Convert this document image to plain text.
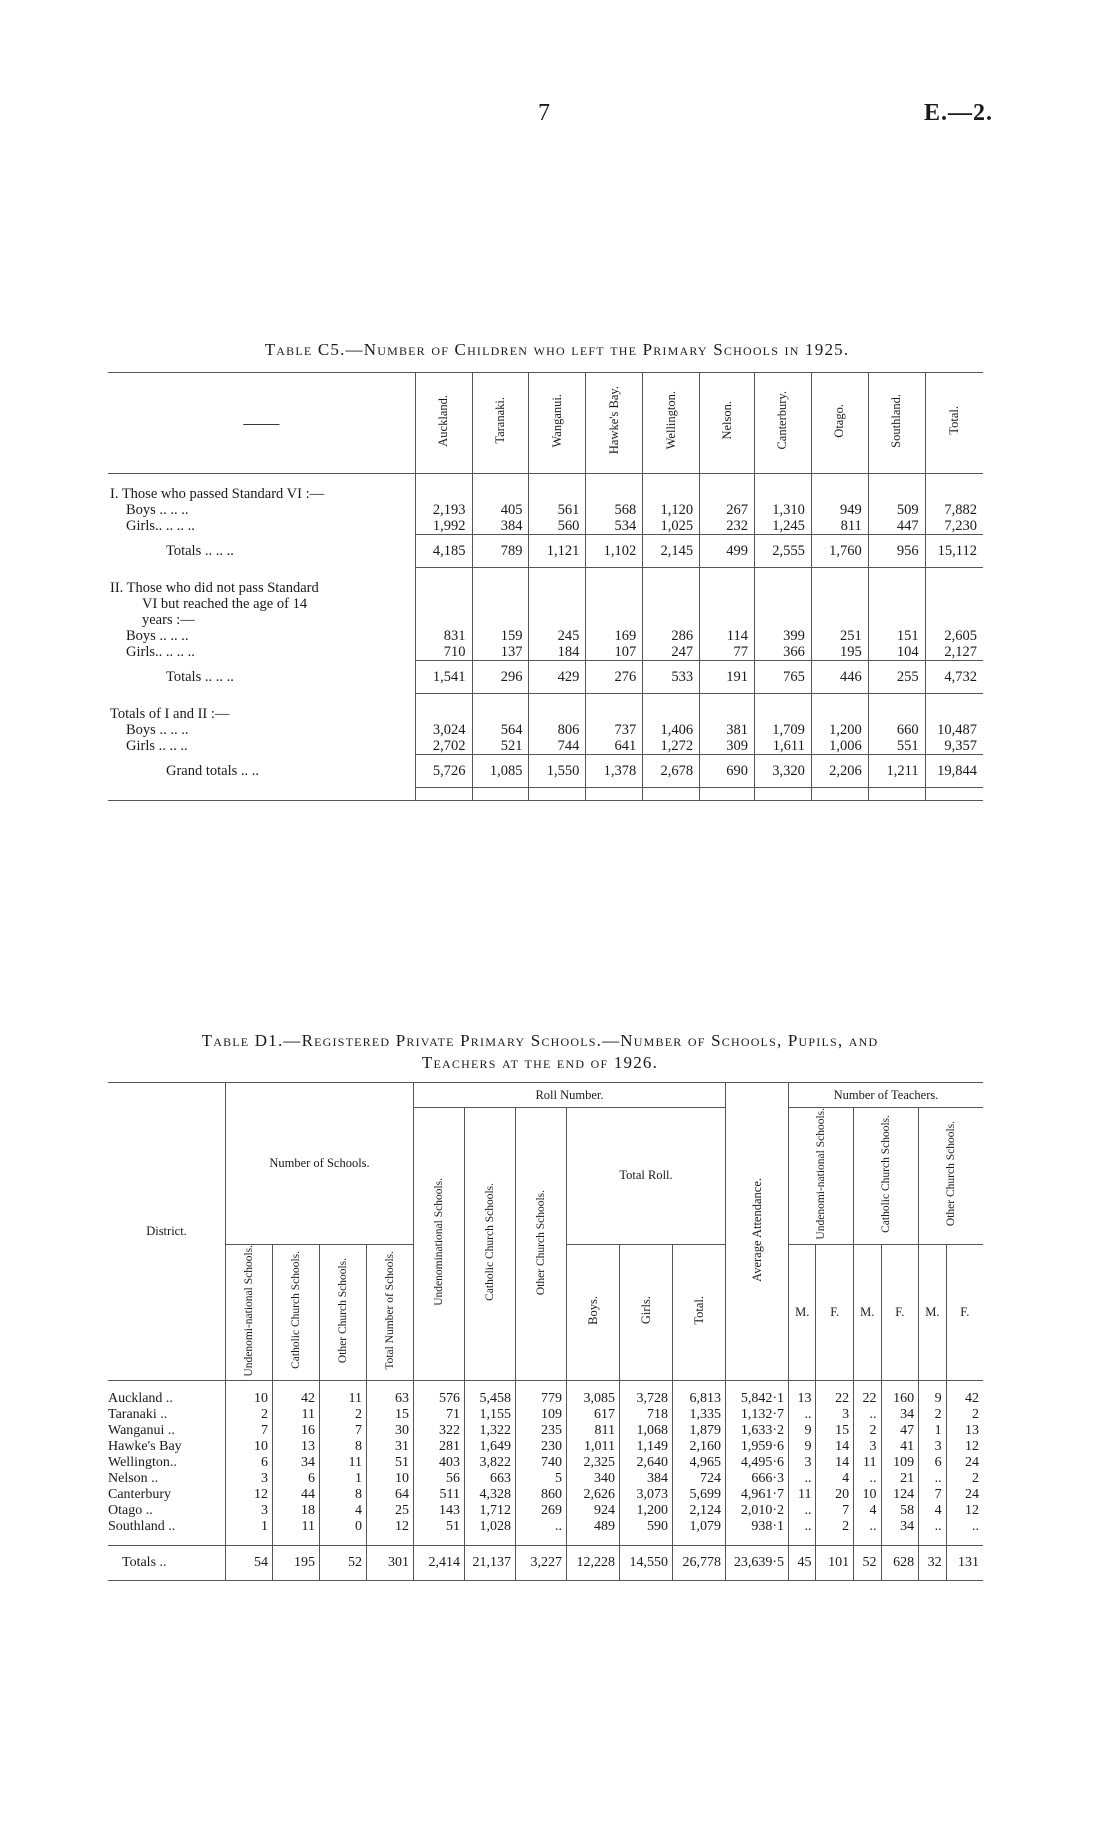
7	E.—2.
Table C5.—Number of Children who left the Primary Schools in 1925.
——	Auckland.	Taranaki.	Wanganui.	Hawke's Bay.	Wellington.	Nelson.	Canterbury.	Otago.	Southland.	Total.

I. Those who passed Standard VI :—										
Boys .. .. ..	2,193	405	561	568	1,120	267	1,310	949	509	7,882
Girls.. .. .. ..	1,992	384	560	534	1,025	232	1,245	811	447	7,230
Totals .. .. ..	4,185	789	1,121	1,102	2,145	499	2,555	1,760	956	15,112

II. Those who did not pass Standard										
VI but reached the age of 14										
years :—										
Boys .. .. ..	831	159	245	169	286	114	399	251	151	2,605
Girls.. .. .. ..	710	137	184	107	247	77	366	195	104	2,127
Totals .. .. ..	1,541	296	429	276	533	191	765	446	255	4,732

Totals of I and II :—										
Boys .. .. ..	3,024	564	806	737	1,406	381	1,709	1,200	660	10,487
Girls .. .. ..	2,702	521	744	641	1,272	309	1,611	1,006	551	9,357
Grand totals .. ..	5,726	1,085	1,550	1,378	2,678	690	3,320	2,206	1,211	19,844

Table D1.—Registered Private Primary Schools.—Number of Schools, Pupils, and
Teachers at the end of 1926.
District.	Number of Schools.				Roll Number.						Average Attendance.	Number of Teachers.					
					Undenominational Schools.	Catholic Church Schools.	Other Church Schools.	Total Roll.				Undenomi-national Schools.		Catholic Church Schools.		Other Church Schools.	
	Undenomi-national Schools.	Catholic Church Schools.	Other Church Schools.	Total Number of Schools.				Boys.	Girls.	Total.		M.	F.	M.	F.	M.	F.
Auckland ..	10	42	11	63	576	5,458	779	3,085	3,728	6,813	5,842·1	13	22	22	160	9	42
Taranaki ..	2	11	2	15	71	1,155	109	617	718	1,335	1,132·7	..	3	..	34	2	2
Wanganui ..	7	16	7	30	322	1,322	235	811	1,068	1,879	1,633·2	9	15	2	47	1	13
Hawke's Bay	10	13	8	31	281	1,649	230	1,011	1,149	2,160	1,959·6	9	14	3	41	3	12
Wellington..	6	34	11	51	403	3,822	740	2,325	2,640	4,965	4,495·6	3	14	11	109	6	24
Nelson ..	3	6	1	10	56	663	5	340	384	724	666·3	..	4	..	21	..	2
Canterbury	12	44	8	64	511	4,328	860	2,626	3,073	5,699	4,961·7	11	20	10	124	7	24
Otago ..	3	18	4	25	143	1,712	269	924	1,200	2,124	2,010·2	..	7	4	58	4	12
Southland ..	1	11	0	12	51	1,028	..	489	590	1,079	938·1	..	2	..	34	..	..
Totals ..	54	195	52	301	2,414	21,137	3,227	12,228	14,550	26,778	23,639·5	45	101	52	628	32	131
